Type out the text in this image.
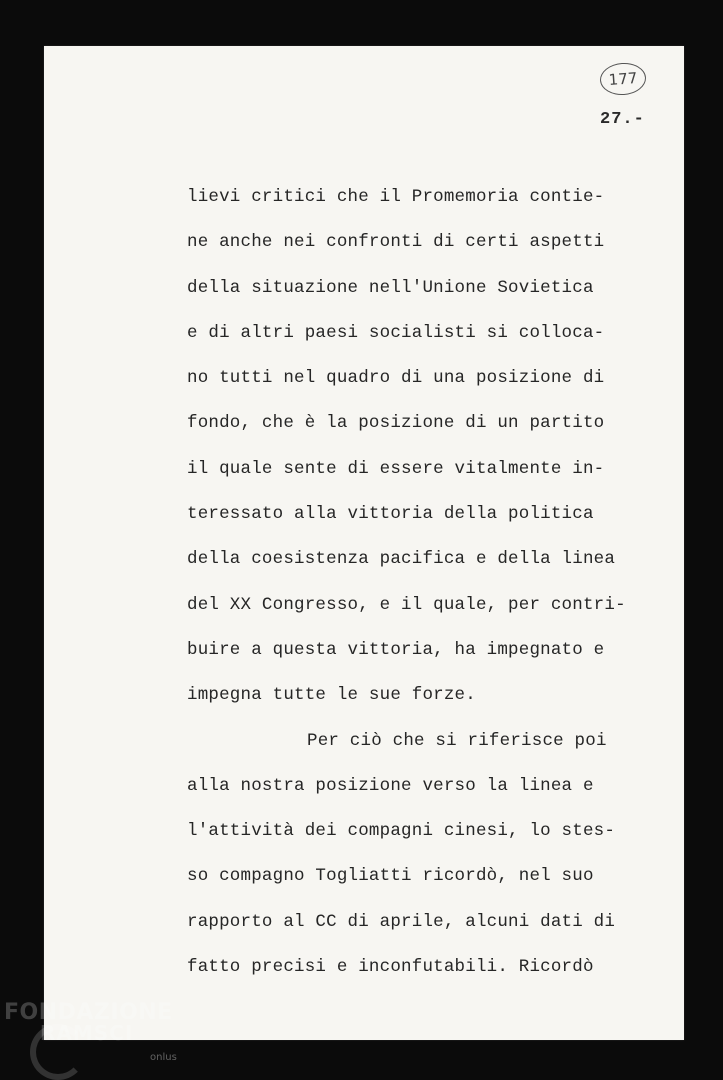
177
27.-
lievi critici che il Promemoria contie-
ne anche nei confronti di certi aspetti
della situazione nell'Unione Sovietica
e di altri paesi socialisti si colloca-
no tutti nel quadro di una posizione di
fondo, che è la posizione di un partito
il quale sente di essere vitalmente in-
teressato alla vittoria della politica
della coesistenza pacifica e della linea
del XX Congresso, e il quale, per contri-
buire a questa vittoria, ha impegnato e
impegna tutte le sue forze.
Per ciò che si riferisce poi
alla nostra posizione verso la linea e
l'attività dei compagni cinesi, lo stes-
so compagno Togliatti ricordò, nel suo
rapporto al CC di aprile, alcuni dati di
fatto precisi e inconfutabili. Ricordò
FONDAZIONE
RAMSCI
onlus
